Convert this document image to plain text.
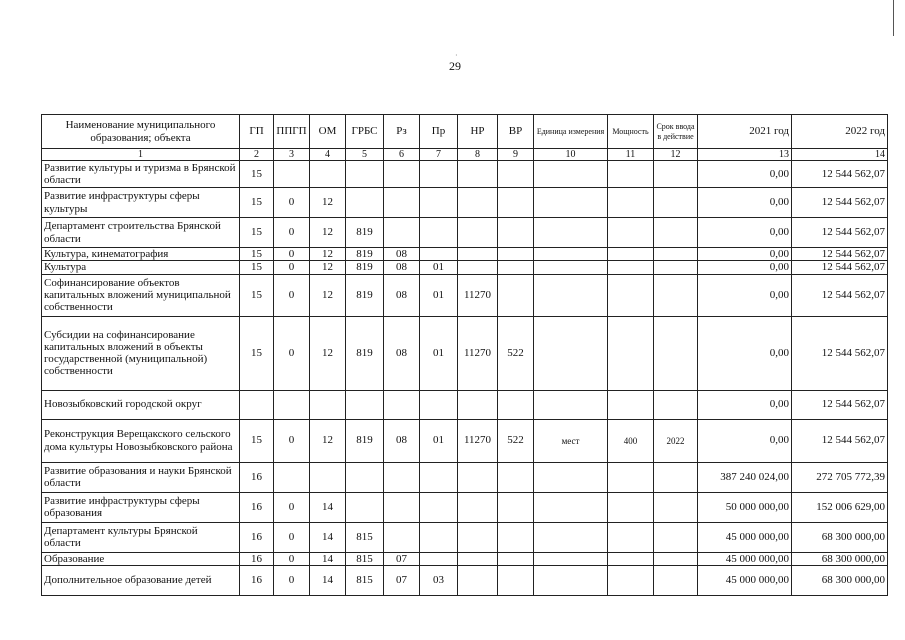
·
29
Наименование муниципального образования; объекта	ГП	ППГП	ОМ	ГРБС	Рз	Пр	НР	ВР	Единица измерения	Мощность	Срок ввода в действие	2021 год	2022 год
1	2	3	4	5	6	7	8	9	10	11	12	13	14
Развитие культуры и туризма в Брянской области	15											0,00	12 544 562,07
Развитие инфраструктуры сферы культуры	15	0	12									0,00	12 544 562,07
Департамент строительства Брянской области	15	0	12	819								0,00	12 544 562,07
Культура, кинематография	15	0	12	819	08							0,00	12 544 562,07
Культура	15	0	12	819	08	01						0,00	12 544 562,07
Софинансирование объектов капитальных вложений муниципальной собственности	15	0	12	819	08	01	11270					0,00	12 544 562,07
Субсидии на софинансирование капитальных вложений в объекты государственной (муниципальной) собственности	15	0	12	819	08	01	11270	522				0,00	12 544 562,07
Новозыбковский городской округ												0,00	12 544 562,07
Реконструкция Верещакского сельского дома культуры Новозыбковского района	15	0	12	819	08	01	11270	522	мест	400	2022	0,00	12 544 562,07
Развитие образования и науки Брянской области	16											387 240 024,00	272 705 772,39
Развитие инфраструктуры сферы образования	16	0	14									50 000 000,00	152 006 629,00
Департамент культуры Брянской области	16	0	14	815								45 000 000,00	68 300 000,00
Образование	16	0	14	815	07							45 000 000,00	68 300 000,00
Дополнительное образование детей	16	0	14	815	07	03						45 000 000,00	68 300 000,00
